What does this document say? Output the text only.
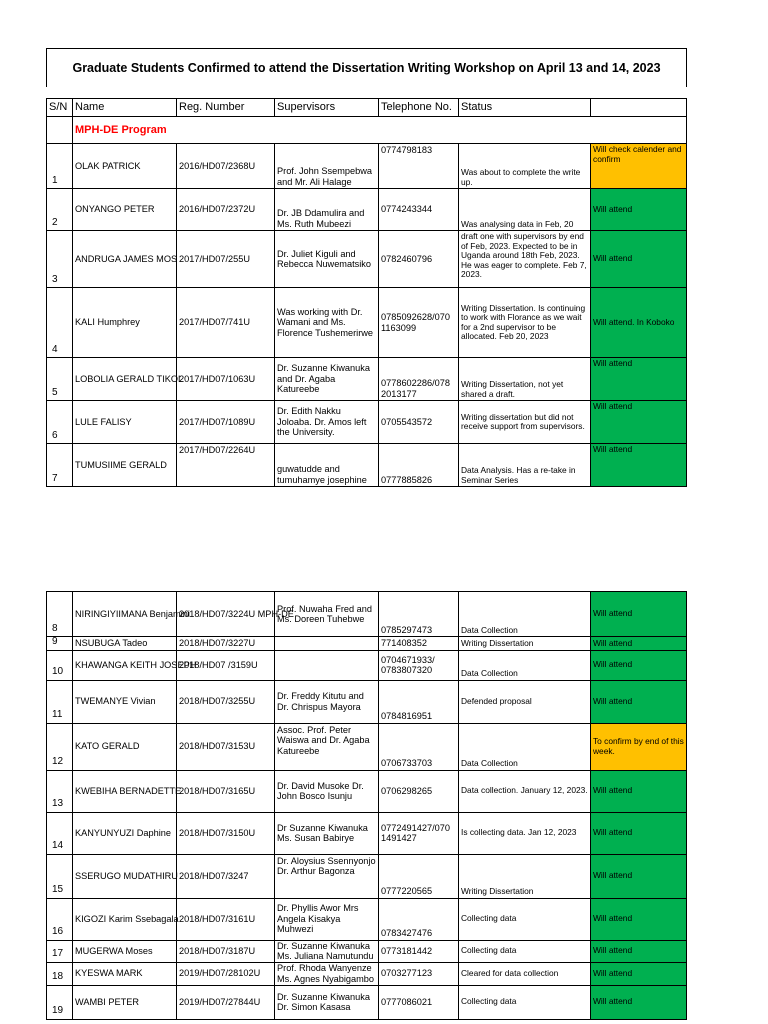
Graduate Students Confirmed to attend the Dissertation Writing Workshop on April 13 and 14, 2023
S/N	Name	Reg. Number	Supervisors	Telephone No.	Status	
	MPH-DE Program					
1	OLAK PATRICK	2016/HD07/2368U	Prof. John Ssempebwa and Mr. Ali Halage	0774798183	Was about to complete the write up.	Will check calender and confirm
2	ONYANGO PETER	2016/HD07/2372U	Dr. JB Ddamulira and Ms. Ruth Mubeezi	0774243344	Was analysing data in Feb, 20	Will attend
3	ANDRUGA JAMES MOS	2017/HD07/255U	Dr. Juliet Kiguli and Rebecca Nuwematsiko	0782460796	draft one with supervisors by end of Feb, 2023. Expected to be in Uganda around 18th Feb, 2023. He was eager to complete. Feb 7, 2023.	Will attend
4	KALI Humphrey	2017/HD07/741U	Was working with Dr. Wamani and Ms. Florence Tushemerirwe	0785092628/070 1163099	Writing Dissertation. Is continuing to work with Florance as we wait for a 2nd supervisor to be allocated. Feb 20, 2023	Will attend. In Koboko
5	LOBOLIA GERALD TIKOL	2017/HD07/1063U	Dr. Suzanne Kiwanuka and Dr. Agaba Katureebe	0778602286/078 2013177	Writing Dissertation, not yet shared a draft.	Will attend
6	LULE FALISY	2017/HD07/1089U	Dr. Edith Nakku Joloaba. Dr. Amos left the University.	0705543572	Writing dissertation but did not receive support from supervisors.	Will attend
7	TUMUSIIME GERALD	2017/HD07/2264U	guwatudde and tumuhamye josephine	0777885826	Data Analysis. Has a re-take in Seminar Series	Will attend
8	NIRINGIYIIMANA Benjamini	2018/HD07/3224U MPH-DE	Prof. Nuwaha Fred and Ms. Doreen Tuhebwe	0785297473	Data Collection	Will attend
9	NSUBUGA Tadeo	2018/HD07/3227U		771408352	Writing Dissertation	Will attend
10	KHAWANGA KEITH JOSEPH	2018/HD07 /3159U		0704671933/ 0783807320	Data Collection	Will attend
11	TWEMANYE Vivian	2018/HD07/3255U	Dr. Freddy Kitutu and Dr. Chrispus Mayora	0784816951	Defended proposal	Will attend
12	KATO GERALD	2018/HD07/3153U	Assoc. Prof. Peter Waiswa and Dr. Agaba Katureebe	0706733703	Data Collection	To confirm by end of this week.
13	KWEBIHA BERNADETTE	2018/HD07/3165U	Dr. David Musoke Dr. John Bosco Isunju	0706298265	Data collection. January 12, 2023.	Will attend
14	KANYUNYUZI Daphine	2018/HD07/3150U	Dr Suzanne Kiwanuka Ms. Susan Babirye	0772491427/070 1491427	Is collecting data. Jan 12, 2023	Will attend
15	SSERUGO MUDATHIRU	2018/HD07/3247	Dr. Aloysius Ssennyonjo Dr. Arthur Bagonza	0777220565	Writing Dissertation	Will attend
16	KIGOZI Karim Ssebagala	2018/HD07/3161U	Dr. Phyllis Awor Mrs Angela Kisakya Muhwezi	0783427476	Collecting data	Will attend
17	MUGERWA Moses	2018/HD07/3187U	Dr. Suzanne Kiwanuka Ms. Juliana Namutundu	0773181442	Collecting data	Will attend
18	KYESWA MARK	2019/HD07/28102U	Prof. Rhoda Wanyenze Ms. Agnes Nyabigambo	0703277123	Cleared for data collection	Will attend
19	WAMBI PETER	2019/HD07/27844U	Dr. Suzanne Kiwanuka Dr. Simon Kasasa	0777086021	Collecting data	Will attend
